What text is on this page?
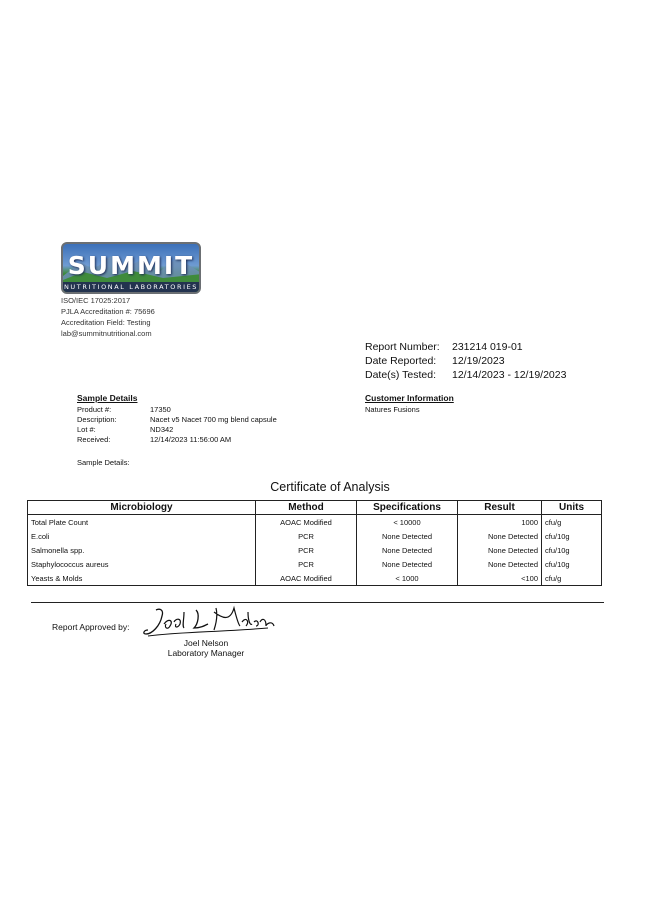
SUMMIT
NUTRITIONAL LABORATORIES
ISO/IEC 17025:2017
PJLA Accreditation #: 75696
Accreditation Field: Testing
lab@summitnutritional.com
Report Number:	231214 019-01
Date Reported:	12/19/2023
Date(s) Tested:	12/14/2023 - 12/19/2023
Sample Details
Product #:	17350
Description:	Nacet v5 Nacet 700 mg blend capsule
Lot #:	ND342
Received:	12/14/2023 11:56:00 AM
Sample Details:
Customer Information
Natures Fusions
Certificate of Analysis
Microbiology	Method	Specifications	Result	Units
Total Plate Count	AOAC Modified	< 10000	1000	cfu/g
E.coli	PCR	None Detected	None Detected	cfu/10g
Salmonella spp.	PCR	None Detected	None Detected	cfu/10g
Staphylococcus aureus	PCR	None Detected	None Detected	cfu/10g
Yeasts & Molds	AOAC Modified	< 1000	<100	cfu/g
Report Approved by:
Joel Nelson
Laboratory Manager
